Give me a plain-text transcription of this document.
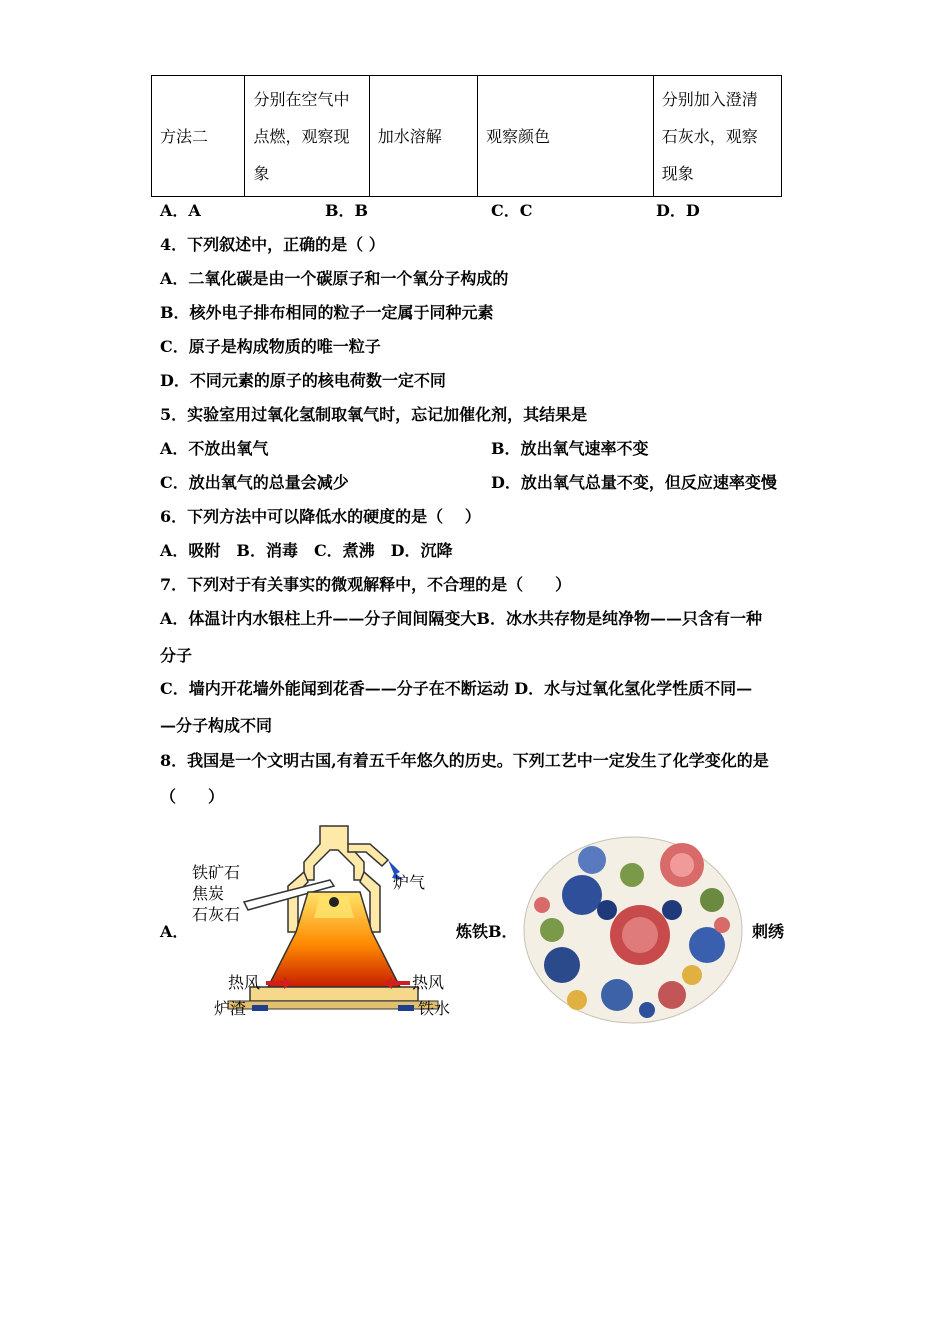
方法二	分别在空气中点燃，观察现象	加水溶解	观察颜色	分别加入澄清石灰水，观察现象
A．A	B．B	C．C	D．D
4．下列叙述中，正确的是（ ）
A．二氧化碳是由一个碳原子和一个氧分子构成的
B．核外电子排布相同的粒子一定属于同种元素
C．原子是构成物质的唯一粒子
D．不同元素的原子的核电荷数一定不同
5．实验室用过氧化氢制取氧气时，忘记加催化剂，其结果是
A．不放出氧气	B．放出氧气速率不变
C．放出氧气的总量会减少	D．放出氧气总量不变，但反应速率变慢
6．下列方法中可以降低水的硬度的是（　 ）
A．吸附　B．消毒　C．煮沸　D．沉降
7．下列对于有关事实的微观解释中，不合理的是（　　）
A．体温计内水银柱上升——分子间间隔变大B．冰水共存物是纯净物——只含有一种
分子
C．墙内开花墙外能闻到花香——分子在不断运动 D．水与过氧化氢化学性质不同—
—分子构成不同
8．我国是一个文明古国,有着五千年悠久的历史。下列工艺中一定发生了化学变化的是
（　　）
A．	炼铁B．	刺绣
铁矿石
焦炭
石灰石
炉气
热风	热风
炉渣	铁水
